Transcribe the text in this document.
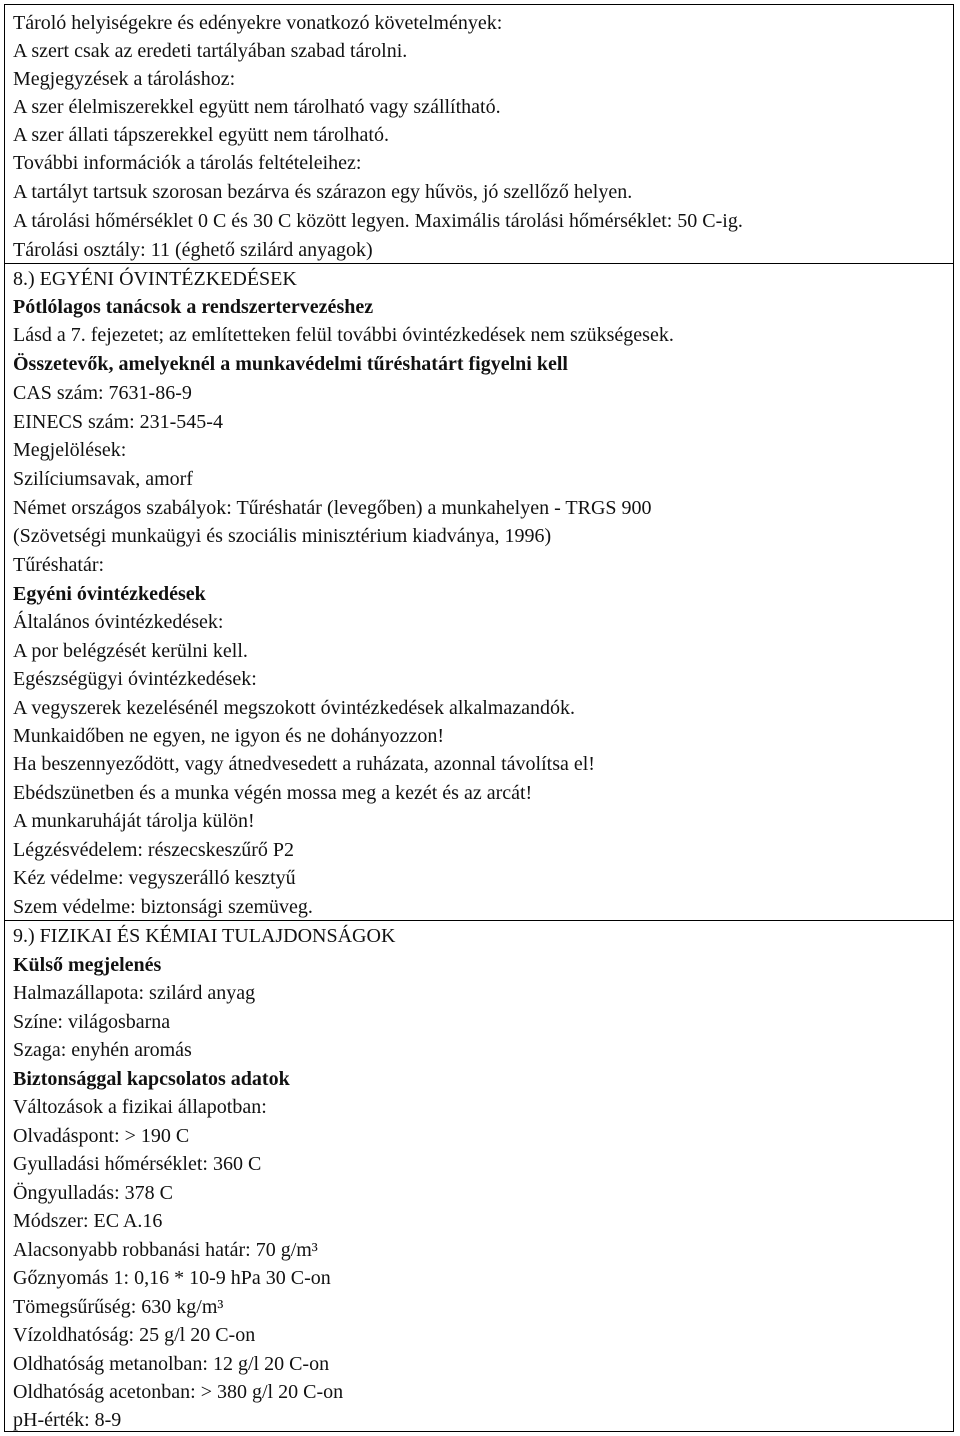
Tároló helyiségekre és edényekre vonatkozó követelmények:
A szert csak az eredeti tartályában szabad tárolni.
Megjegyzések a tároláshoz:
A szer élelmiszerekkel együtt nem tárolható vagy szállítható.
A szer állati tápszerekkel együtt nem tárolható.
További információk a tárolás feltételeihez:
A tartályt tartsuk szorosan bezárva és szárazon egy hűvös, jó szellőző helyen.
A tárolási hőmérséklet 0 C és 30 C között legyen. Maximális tárolási hőmérséklet: 50 C-ig.
Tárolási osztály: 11 (éghető szilárd anyagok)
8.) EGYÉNI ÓVINTÉZKEDÉSEK
Pótlólagos tanácsok a rendszertervezéshez
Lásd a 7. fejezetet; az említetteken felül további óvintézkedések nem szükségesek.
Összetevők, amelyeknél a munkavédelmi tűréshatárt figyelni kell
CAS szám: 7631-86-9
EINECS szám: 231-545-4
Megjelölések:
Szilíciumsavak, amorf
Német országos szabályok: Tűréshatár (levegőben) a munkahelyen - TRGS 900
(Szövetségi munkaügyi és szociális minisztérium kiadványa, 1996)
Tűréshatár:
Egyéni óvintézkedések
Általános óvintézkedések:
A por belégzését kerülni kell.
Egészségügyi óvintézkedések:
A vegyszerek kezelésénél megszokott óvintézkedések alkalmazandók.
Munkaidőben ne egyen, ne igyon és ne dohányozzon!
Ha beszennyeződött, vagy átnedvesedett a ruházata, azonnal távolítsa el!
Ebédszünetben és a munka végén mossa meg a kezét és az arcát!
A munkaruháját tárolja külön!
Légzésvédelem: részecskeszűrő P2
Kéz védelme: vegyszerálló kesztyű
Szem védelme: biztonsági szemüveg.
9.) FIZIKAI ÉS KÉMIAI TULAJDONSÁGOK
Külső megjelenés
Halmazállapota: szilárd anyag
Színe: világosbarna
Szaga: enyhén aromás
Biztonsággal kapcsolatos adatok
Változások a fizikai állapotban:
Olvadáspont: > 190 C
Gyulladási hőmérséklet: 360 C
Öngyulladás: 378 C
Módszer: EC A.16
Alacsonyabb robbanási határ: 70 g/m³
Gőznyomás 1: 0,16 * 10-9 hPa 30 C-on
Tömegsűrűség: 630 kg/m³
Vízoldhatóság: 25 g/l 20 C-on
Oldhatóság metanolban: 12 g/l 20 C-on
Oldhatóság acetonban: > 380 g/l 20 C-on
pH-érték: 8-9
